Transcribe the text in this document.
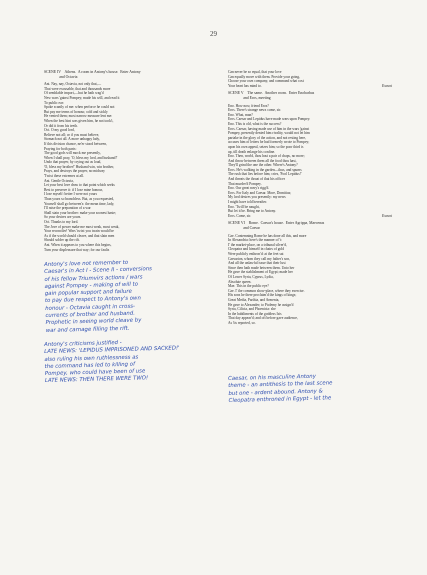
29
SCENE IV    Athens.  A room in Antony's house.  Enter Antony
and Octavia
Ant. Nay, nay, Octavia, not only that,—
That were excusable, that and thousands more
Of semblable import,—but he hath wag'd
New wars 'gainst Pompey; made his will, and read it
To public ear:
Spoke scantly of me: when perforce he could not
But pay me terms of honour, cold and sickly
He vented them; most narrow measure lent me:
When the best hint was given him, he not took't,
Or did it from his teeth.
Oct. O my good lord,
Believe not all; or if you must believe,
Stomach not all. A more unhappy lady,
If this division chance, ne'er stood between,
Praying for both parts:
The good gods will mock me presently,
When I shall pray, 'O, bless my lord, and husband!'
Undo that prayer, by crying out as loud,
'O, bless my brother!' Husband win, win brother,
Prays, and destroys the prayer, no midway
'Twixt these extremes at all.
Ant. Gentle Octavia,
Let your best love draw to that point which seeks
Best to preserve it: if I lose mine honour,
I lose myself: better I were not yours
Than yours so branchless. But, as you requested,
Yourself shall go between's: the mean time, lady,
I'll raise the preparation of a war
Shall stain your brother: make your soonest haste;
So your desires are yours.
Oct. Thanks to my lord.
The Jove of power make me most weak, most weak,
Your reconciler! Wars 'twixt you twain would be
As if the world should cleave, and that slain men
Should solder up the rift.
Ant. When it appears to you where this begins,
Turn your displeasure that way; for our faults
Can never be so equal, that your love
Can equally move with them. Provide your going,
Choose your own company, and command what cost
Your heart has mind to.	Exeunt
SCENE V    The same.  Another room.  Enter Enobarbus
and Eros, meeting
Eno. How now, friend Eros?
Eros. There's strange news come, sir.
Eno. What, man?
Eros. Caesar and Lepidus have made wars upon Pompey.
Eno. This is old, what is the success?
Eros. Caesar, having made use of him in the wars 'gainst
Pompey, presently denied him rivality, would not let him
partake in the glory of the action, and not resting here,
accuses him of letters he had formerly wrote to Pompey;
upon his own appeal, seizes him; so the poor third is
up, till death enlarge his confine.
Eno. Then, world, thou hast a pair of chaps, no more;
And throw between them all the food thou hast,
They'll grind the one the other. Where's Antony?
Eros. He's walking in the garden—thus, and spurns
The rush that lies before him; cries, 'Fool Lepidus!'
And threats the throat of that his officer
That murder'd Pompey.
Eno. Our great navy's rigg'd.
Eros. For Italy and Caesar. More, Domitius;
My lord desires you presently: my news
I might have told hereafter.
Eno. 'Twill be naught,
But let it be. Bring me to Antony.
Eros. Come, sir.	Exeunt
SCENE VI    Rome.  Caesar's house.  Enter Agrippa, Maecenas
and Caesar
Cae. Contemning Rome he has done all this, and more
In Alexandria: here's the manner of 't:
I' the market-place, on a tribunal silver'd,
Cleopatra and himself in chairs of gold
Were publicly enthron'd: at the feet sat
Caesarion, whom they call my father's son,
And all the unlawful issue that their lust
Since then hath made between them. Unto her
He gave the stablishment of Egypt; made her
Of Lower Syria, Cyprus, Lydia,
Absolute queen.
Mae. This in the public eye?
Cae. I' the common show-place, where they exercise.
His sons he there proclaim'd the kings of kings;
Great Media, Parthia, and Armenia,
He gave to Alexander; to Ptolemy he assign'd
Syria, Cilicia, and Phoenicia: she
In the habiliments of the goddess Isis
That day appear'd; and oft before gave audience,
As 'tis reported, so.
Antony's love not remember to
Caesar's in Act I - Scene II - conversions
of his fellow Triumvirs actions / wars
against Pompey - making of will to
gain popular support and failure
to pay due respect to Antony's own
honour - Octavia caught in cross-
currents of brother and husband.
Prophetic in seeing world cleave by
war and carnage filling the rift.
Antony's criticisms justified -
LATE NEWS: 'LEPIDUS IMPRISONED AND SACKED!'
also ruling his own ruthlessness as
the command has led to killing of
Pompey, who could have been of use
LATE NEWS: THEN THERE WERE TWO!	Caesar, on his masculine Antony
theme - an antithesis to the last scene
but one - ardent abound. Antony &
Cleopatra enthroned in Egypt - let the
